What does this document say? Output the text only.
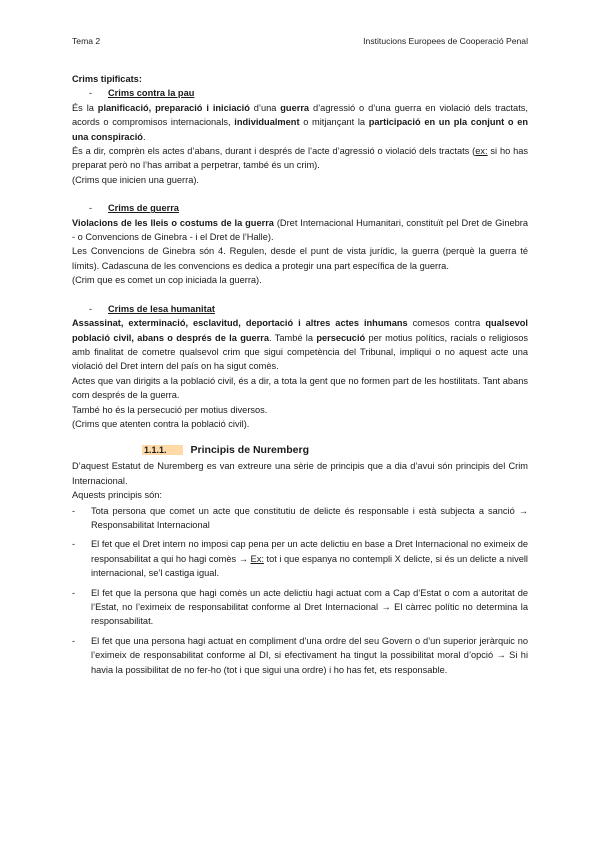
Tema 2	Institucions Europees de Cooperació Penal

Crims tipificats:

- Crims contra la pau

És la planificació, preparació i iniciació d’una guerra d’agressió o d’una guerra en violació dels tractats, acords o compromisos internacionals, individualment o mitjançant la participació en un pla conjunt o en una conspiració.

És a dir, comprèn els actes d’abans, durant i després de l’acte d’agressió o violació dels tractats (ex: si ho has preparat però no l’has arribat a perpetrar, també és un crim).

(Crims que inicien una guerra).

- Crims de guerra

Violacions de les lleis o costums de la guerra (Dret Internacional Humanitari, constituït pel Dret de Ginebra - o Convencions de Ginebra - i el Dret de l’Halle).

Les Convencions de Ginebra són 4. Regulen, desde el punt de vista jurídic, la guerra (perquè la guerra té límits). Cadascuna de les convencions es dedica a protegir una part específica de la guerra.

(Crim que es comet un cop iniciada la guerra).

- Crims de lesa humanitat

Assassinat, exterminació, esclavitud, deportació i altres actes inhumans comesos contra qualsevol població civil, abans o després de la guerra. També la persecució per motius polítics, racials o religiosos amb finalitat de cometre qualsevol crim que sigui competència del Tribunal, impliqui o no aquest acte una violació del Dret intern del país on ha sigut comès.

Actes que van dirigits a la població civil, és a dir, a tota la gent que no formen part de les hostilitats. Tant abans com després de la guerra.

També ho és la persecució per motius diversos.

(Crims que atenten contra la població civil).

1.1.1. Principis de Nuremberg

D’aquest Estatut de Nuremberg es van extreure una sèrie de principis que a dia d’avui són principis del Crim Internacional.

Aquests principis són:

- Tota persona que comet un acte que constitutiu de delicte és responsable i està subjecta a sanció → Responsabilitat Internacional
- El fet que el Dret intern no imposi cap pena per un acte delictiu en base a Dret Internacional no eximeix de responsabilitat a qui ho hagi comès → Ex: tot i que espanya no contempli X delicte, si és un delicte a nivell internacional, se’l castiga igual.
- El fet que la persona que hagi comès un acte delictiu hagi actuat com a Cap d’Estat o com a autoritat de l’Estat, no l’eximeix de responsabilitat conforme al Dret Internacional → El càrrec polític no determina la responsabilitat.
- El fet que una persona hagi actuat en compliment d’una ordre del seu Govern o d’un superior jeràrquic no l’eximeix de responsabilitat conforme al DI, si efectivament ha tingut la possibilitat moral d’opció → Si hi havia la possibilitat de no fer-ho (tot i que sigui una ordre) i ho has fet, ets responsable.
